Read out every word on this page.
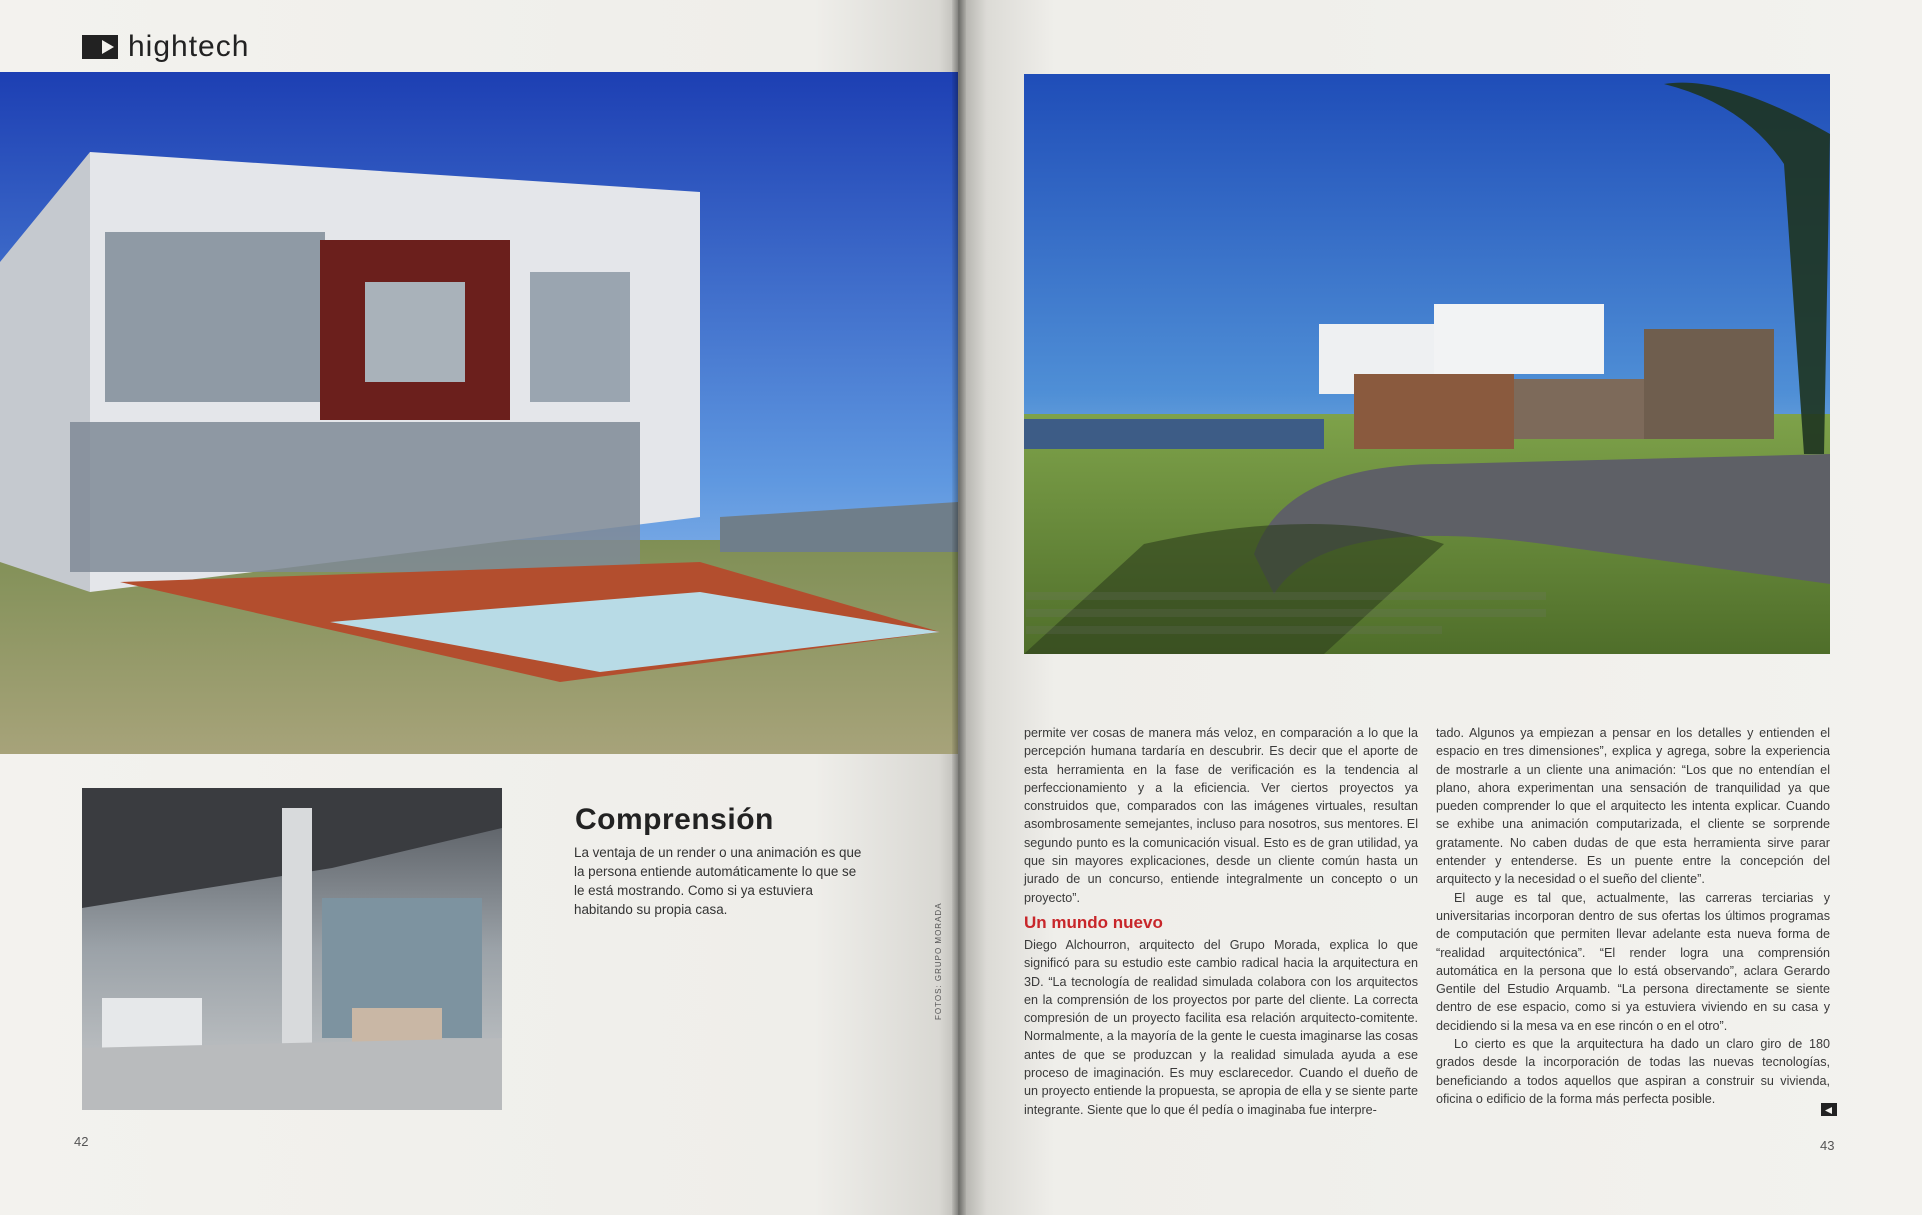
hightech
Comprensión
La ventaja de un render o una animación es que la persona entiende automáticamente lo que se le está mostrando. Como si ya estuviera habitando su propia casa.	FOTOS: GRUPO MORADA
42

permite ver cosas de manera más veloz, en comparación a lo que la percepción humana tardaría en descubrir. Es decir que el aporte de esta herramienta en la fase de verificación es la tendencia al perfeccionamiento y a la eficiencia. Ver ciertos proyectos ya construidos que, comparados con las imágenes virtuales, resultan asombrosamente semejantes, incluso para nosotros, sus mentores. El segundo punto es la comunicación visual. Esto es de gran utilidad, ya que sin mayores explicaciones, desde un cliente común hasta un jurado de un concurso, entiende integralmente un concepto o un proyecto”.

Un mundo nuevo

Diego Alchourron, arquitecto del Grupo Morada, explica lo que significó para su estudio este cambio radical hacia la arquitectura en 3D. “La tecnología de realidad simulada colabora con los arquitectos en la comprensión de los proyectos por parte del cliente. La correcta compresión de un proyecto facilita esa relación arquitecto-comitente. Normalmente, a la mayoría de la gente le cuesta imaginarse las cosas antes de que se produzcan y la realidad simulada ayuda a ese proceso de imaginación. Es muy esclarecedor. Cuando el dueño de un proyecto entiende la propuesta, se apropia de ella y se siente parte integrante. Siente que lo que él pedía o imaginaba fue interpre-

tado. Algunos ya empiezan a pensar en los detalles y entienden el espacio en tres dimensiones”, explica y agrega, sobre la experiencia de mostrarle a un cliente una animación: “Los que no entendían el plano, ahora experimentan una sensación de tranquilidad ya que pueden comprender lo que el arquitecto les intenta explicar. Cuando se exhibe una animación computarizada, el cliente se sorprende gratamente. No caben dudas de que esta herramienta sirve parar entender y entenderse. Es un puente entre la concepción del arquitecto y la necesidad o el sueño del cliente”.

El auge es tal que, actualmente, las carreras terciarias y universitarias incorporan dentro de sus ofertas los últimos programas de computación que permiten llevar adelante esta nueva forma de “realidad arquitectónica”. “El render logra una comprensión automática en la persona que lo está observando”, aclara Gerardo Gentile del Estudio Arquamb. “La persona directamente se siente dentro de ese espacio, como si ya estuviera viviendo en su casa y decidiendo si la mesa va en ese rincón o en el otro”.

Lo cierto es que la arquitectura ha dado un claro giro de 180 grados desde la incorporación de todas las nuevas tecnologías, beneficiando a todos aquellos que aspiran a construir su vivienda, oficina o edificio de la forma más perfecta posible.

43
